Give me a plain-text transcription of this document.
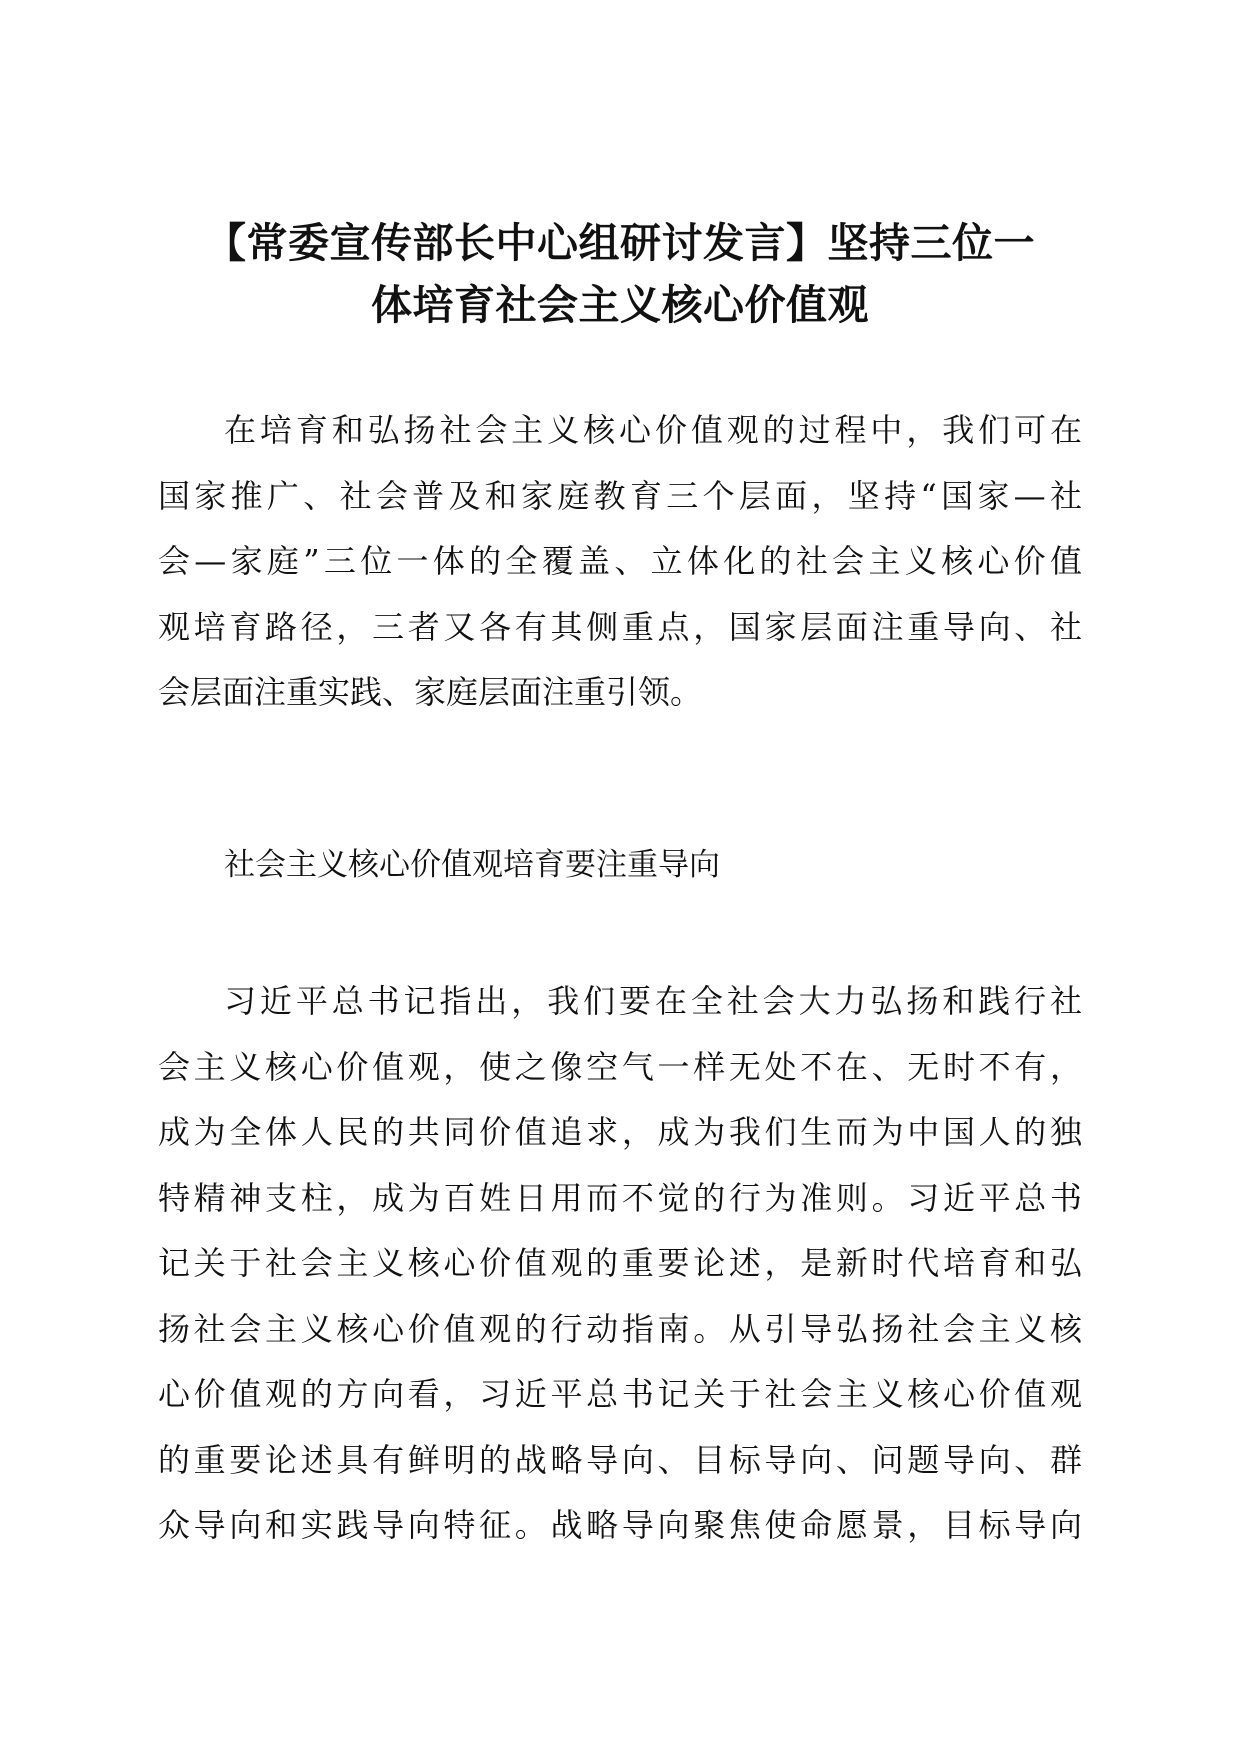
【常委宣传部长中心组研讨发言】坚持三位一
体培育社会主义核心价值观

在培育和弘扬社会主义核心价值观的过程中，我们可在
国家推广、社会普及和家庭教育三个层面，坚持“国家—社
会—家庭”三位一体的全覆盖、立体化的社会主义核心价值
观培育路径，三者又各有其侧重点，国家层面注重导向、社
会层面注重实践、家庭层面注重引领。

社会主义核心价值观培育要注重导向

习近平总书记指出，我们要在全社会大力弘扬和践行社
会主义核心价值观，使之像空气一样无处不在、无时不有，
成为全体人民的共同价值追求，成为我们生而为中国人的独
特精神支柱，成为百姓日用而不觉的行为准则。习近平总书
记关于社会主义核心价值观的重要论述，是新时代培育和弘
扬社会主义核心价值观的行动指南。从引导弘扬社会主义核
心价值观的方向看，习近平总书记关于社会主义核心价值观
的重要论述具有鲜明的战略导向、目标导向、问题导向、群
众导向和实践导向特征。战略导向聚焦使命愿景，目标导向
